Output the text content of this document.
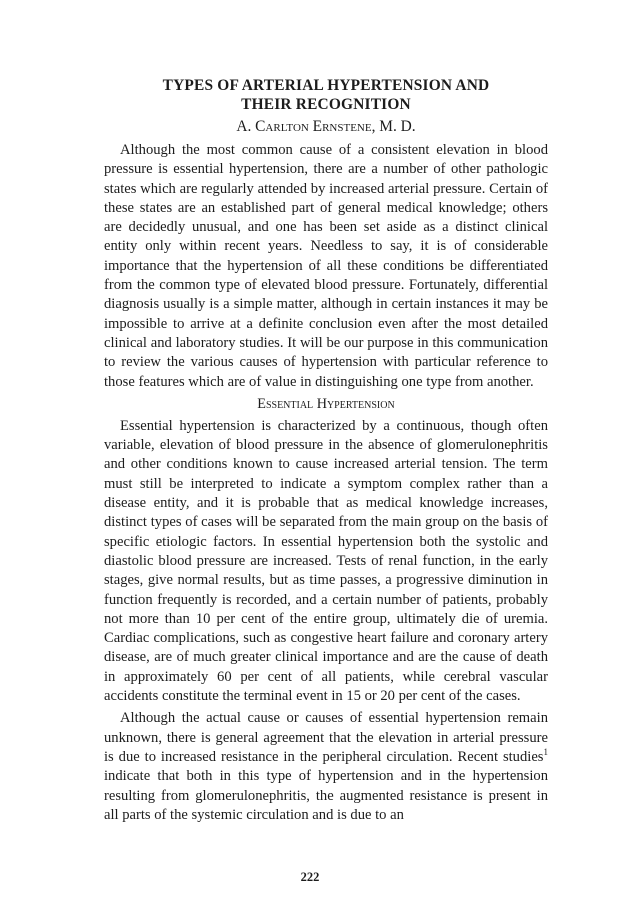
TYPES OF ARTERIAL HYPERTENSION AND
THEIR RECOGNITION
A. Carlton Ernstene, M. D.

Although the most common cause of a consistent elevation in blood pressure is essential hypertension, there are a number of other pathologic states which are regularly attended by increased arterial pressure. Certain of these states are an established part of general medical knowledge; others are decidedly unusual, and one has been set aside as a distinct clinical entity only within recent years. Needless to say, it is of considerable importance that the hypertension of all these conditions be differentiated from the common type of elevated blood pressure. Fortunately, differential diagnosis usually is a simple matter, although in certain instances it may be impossible to arrive at a definite conclusion even after the most detailed clinical and laboratory studies. It will be our purpose in this communication to review the various causes of hypertension with particular reference to those features which are of value in distinguishing one type from another.

Essential Hypertension

Essential hypertension is characterized by a continuous, though often variable, elevation of blood pressure in the absence of glomerulonephritis and other conditions known to cause increased arterial tension. The term must still be interpreted to indicate a symptom complex rather than a disease entity, and it is probable that as medical knowledge increases, distinct types of cases will be separated from the main group on the basis of specific etiologic factors. In essential hypertension both the systolic and diastolic blood pressure are increased. Tests of renal function, in the early stages, give normal results, but as time passes, a progressive diminution in function frequently is recorded, and a certain number of patients, probably not more than 10 per cent of the entire group, ultimately die of uremia. Cardiac complications, such as congestive heart failure and coronary artery disease, are of much greater clinical importance and are the cause of death in approximately 60 per cent of all patients, while cerebral vascular accidents constitute the terminal event in 15 or 20 per cent of the cases.

Although the actual cause or causes of essential hypertension remain unknown, there is general agreement that the elevation in arterial pressure is due to increased resistance in the peripheral circulation. Recent studies$^1$ indicate that both in this type of hypertension and in the hypertension resulting from glomerulonephritis, the augmented resistance is present in all parts of the systemic circulation and is due to an

222
